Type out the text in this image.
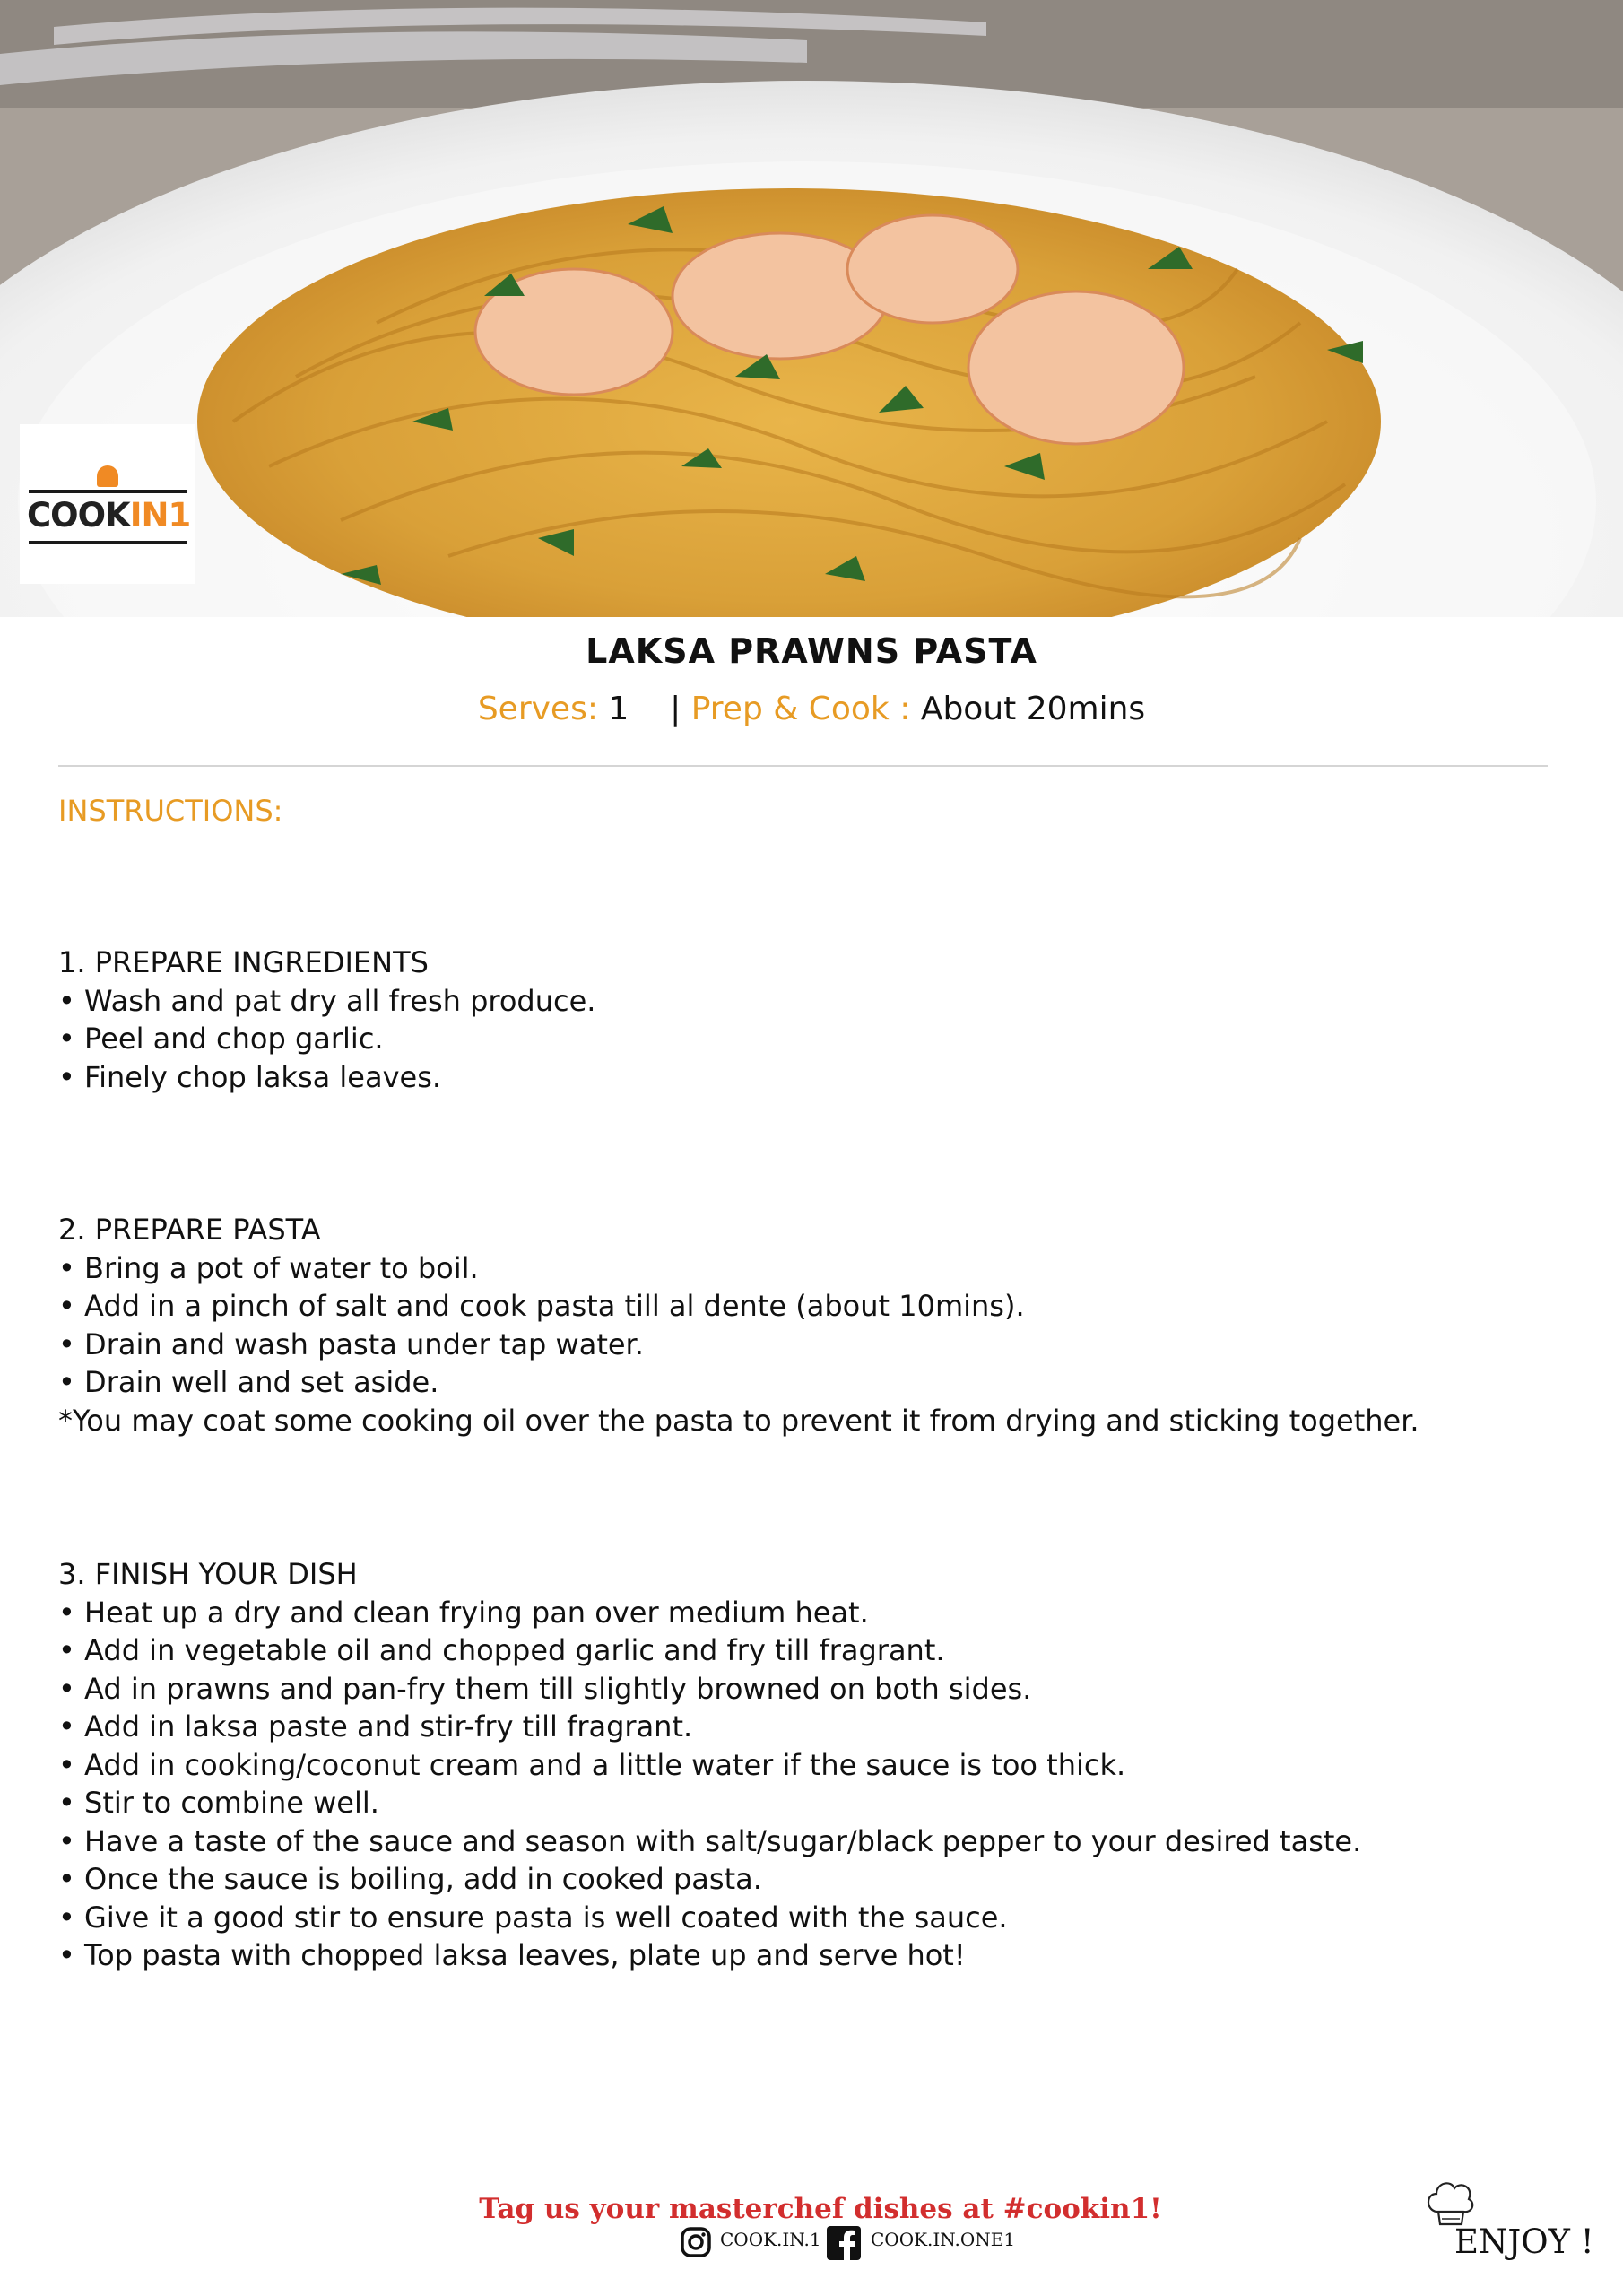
COOKIN1
LAKSA PRAWNS PASTA
Serves: 1 | Prep & Cook : About 20mins
INSTRUCTIONS:
1. PREPARE INGREDIENTS
• Wash and pat dry all fresh produce.
• Peel and chop garlic.
• Finely chop laksa leaves.
2. PREPARE PASTA
• Bring a pot of water to boil.
• Add in a pinch of salt and cook pasta till al dente (about 10mins).
• Drain and wash pasta under tap water.
• Drain well and set aside.
*You may coat some cooking oil over the pasta to prevent it from drying and sticking together.
3. FINISH YOUR DISH
• Heat up a dry and clean frying pan over medium heat.
• Add in vegetable oil and chopped garlic and fry till fragrant.
• Ad in prawns and pan-fry them till slightly browned on both sides.
• Add in laksa paste and stir-fry till fragrant.
• Add in cooking/coconut cream and a little water if the sauce is too thick.
• Stir to combine well.
• Have a taste of the sauce and season with salt/sugar/black pepper to your desired taste.
• Once the sauce is boiling, add in cooked pasta.
• Give it a good stir to ensure pasta is well coated with the sauce.
• Top pasta with chopped laksa leaves, plate up and serve hot!
Tag us your masterchef dishes at #cookin1!
COOK.IN.1	COOK.IN.ONE1	ENJOY !
